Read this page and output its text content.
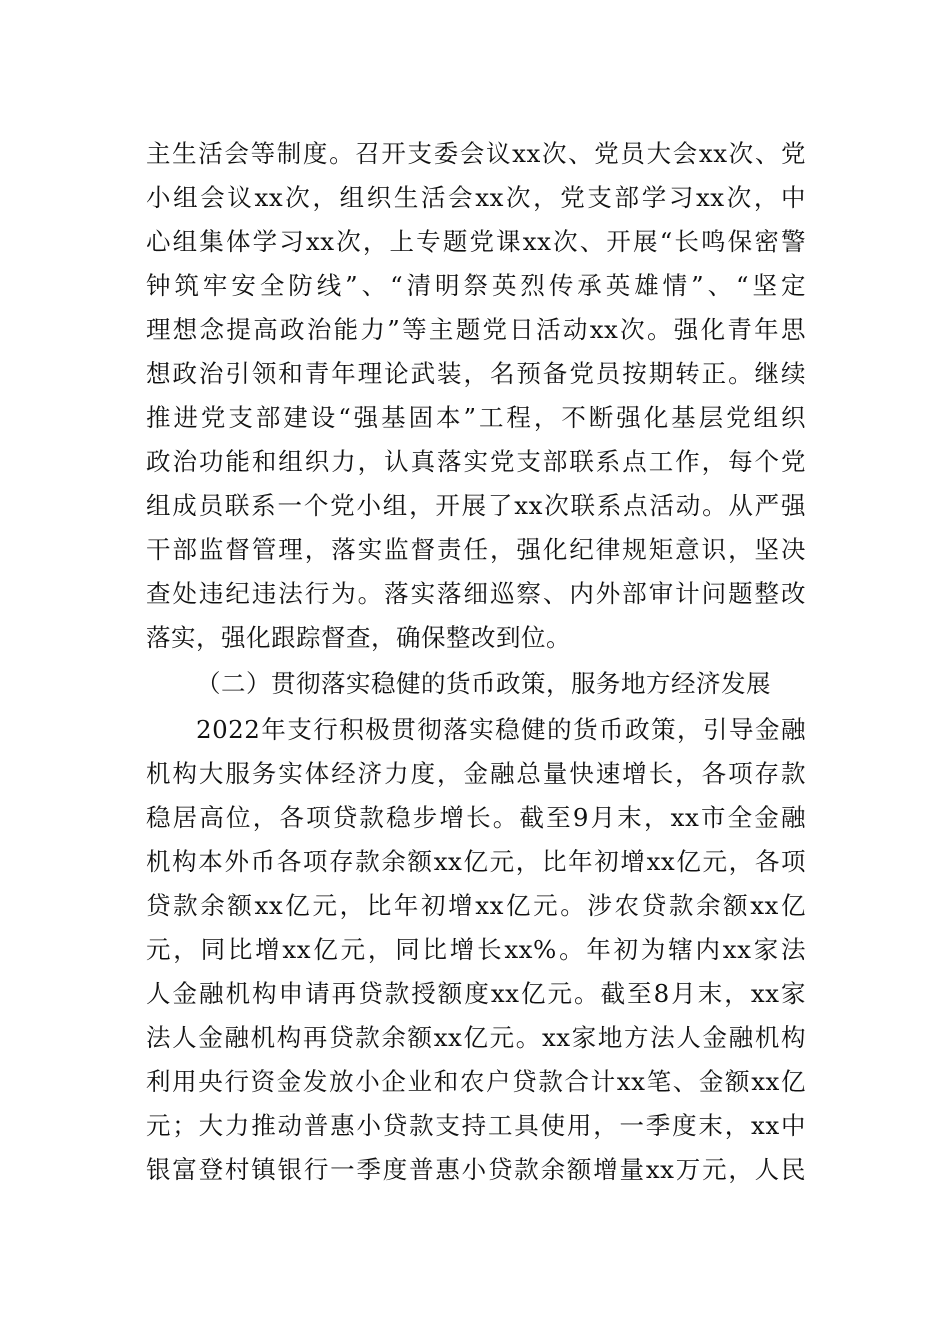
主生活会等制度。召开支委会议xx次、党员大会xx次、党
小组会议xx次，组织生活会xx次，党支部学习xx次，中
心组集体学习xx次，上专题党课xx次、开展“长鸣保密警
钟筑牢安全防线”、“清明祭英烈传承英雄情”、“坚定
理想念提高政治能力”等主题党日活动xx次。强化青年思
想政治引领和青年理论武装，名预备党员按期转正。继续
推进党支部建设“强基固本”工程，不断强化基层党组织
政治功能和组织力，认真落实党支部联系点工作，每个党
组成员联系一个党小组，开展了xx次联系点活动。从严强
干部监督管理，落实监督责任，强化纪律规矩意识，坚决
查处违纪违法行为。落实落细巡察、内外部审计问题整改
落实，强化跟踪督查，确保整改到位。
（二）贯彻落实稳健的货币政策，服务地方经济发展
2022年支行积极贯彻落实稳健的货币政策，引导金融
机构大服务实体经济力度，金融总量快速增长，各项存款
稳居高位，各项贷款稳步增长。截至9月末，xx市全金融
机构本外币各项存款余额xx亿元，比年初增xx亿元，各项
贷款余额xx亿元，比年初增xx亿元。涉农贷款余额xx亿
元，同比增xx亿元，同比增长xx%。年初为辖内xx家法
人金融机构申请再贷款授额度xx亿元。截至8月末，xx家
法人金融机构再贷款余额xx亿元。xx家地方法人金融机构
利用央行资金发放小企业和农户贷款合计xx笔、金额xx亿
元；大力推动普惠小贷款支持工具使用，一季度末，xx中
银富登村镇银行一季度普惠小贷款余额增量xx万元，人民
